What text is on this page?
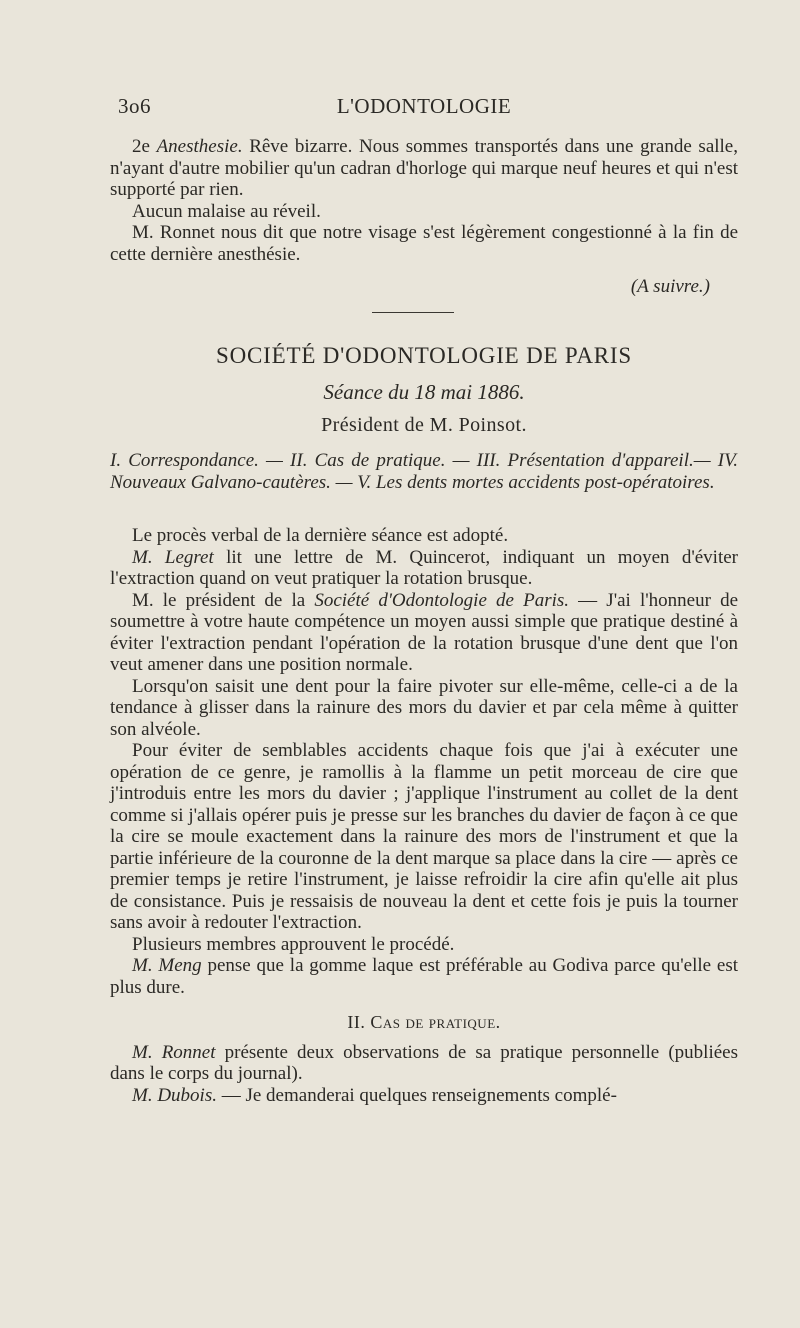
3o6	L'ODONTOLOGIE

2e Anesthesie. Rêve bizarre. Nous sommes transportés dans une grande salle, n'ayant d'autre mobilier qu'un cadran d'horloge qui marque neuf heures et qui n'est supporté par rien.

Aucun malaise au réveil.

M. Ronnet nous dit que notre visage s'est légèrement congestionné à la fin de cette dernière anesthésie.

(A suivre.)

SOCIÉTÉ D'ODONTOLOGIE DE PARIS
Séance du 18 mai 1886.
Président de M. Poinsot.

I. Correspondance. — II. Cas de pratique. — III. Présentation d'appareil.— IV. Nouveaux Galvano-cautères. — V. Les dents mortes accidents post-opératoires.

Le procès verbal de la dernière séance est adopté.

M. Legret lit une lettre de M. Quincerot, indiquant un moyen d'éviter l'extraction quand on veut pratiquer la rotation brusque.

M. le président de la Société d'Odontologie de Paris. — J'ai l'honneur de soumettre à votre haute compétence un moyen aussi simple que pratique destiné à éviter l'extraction pendant l'opération de la rotation brusque d'une dent que l'on veut amener dans une position normale.

Lorsqu'on saisit une dent pour la faire pivoter sur elle-même, celle-ci a de la tendance à glisser dans la rainure des mors du davier et par cela même à quitter son alvéole.

Pour éviter de semblables accidents chaque fois que j'ai à exécuter une opération de ce genre, je ramollis à la flamme un petit morceau de cire que j'introduis entre les mors du davier ; j'applique l'instrument au collet de la dent comme si j'allais opérer puis je presse sur les branches du davier de façon à ce que la cire se moule exactement dans la rainure des mors de l'instrument et que la partie inférieure de la couronne de la dent marque sa place dans la cire — après ce premier temps je retire l'instrument, je laisse refroidir la cire afin qu'elle ait plus de consistance. Puis je ressaisis de nouveau la dent et cette fois je puis la tourner sans avoir à redouter l'extraction.

Plusieurs membres approuvent le procédé.

M. Meng pense que la gomme laque est préférable au Godiva parce qu'elle est plus dure.

II. Cas de pratique.

M. Ronnet présente deux observations de sa pratique personnelle (publiées dans le corps du journal).

M. Dubois. — Je demanderai quelques renseignements complé-
